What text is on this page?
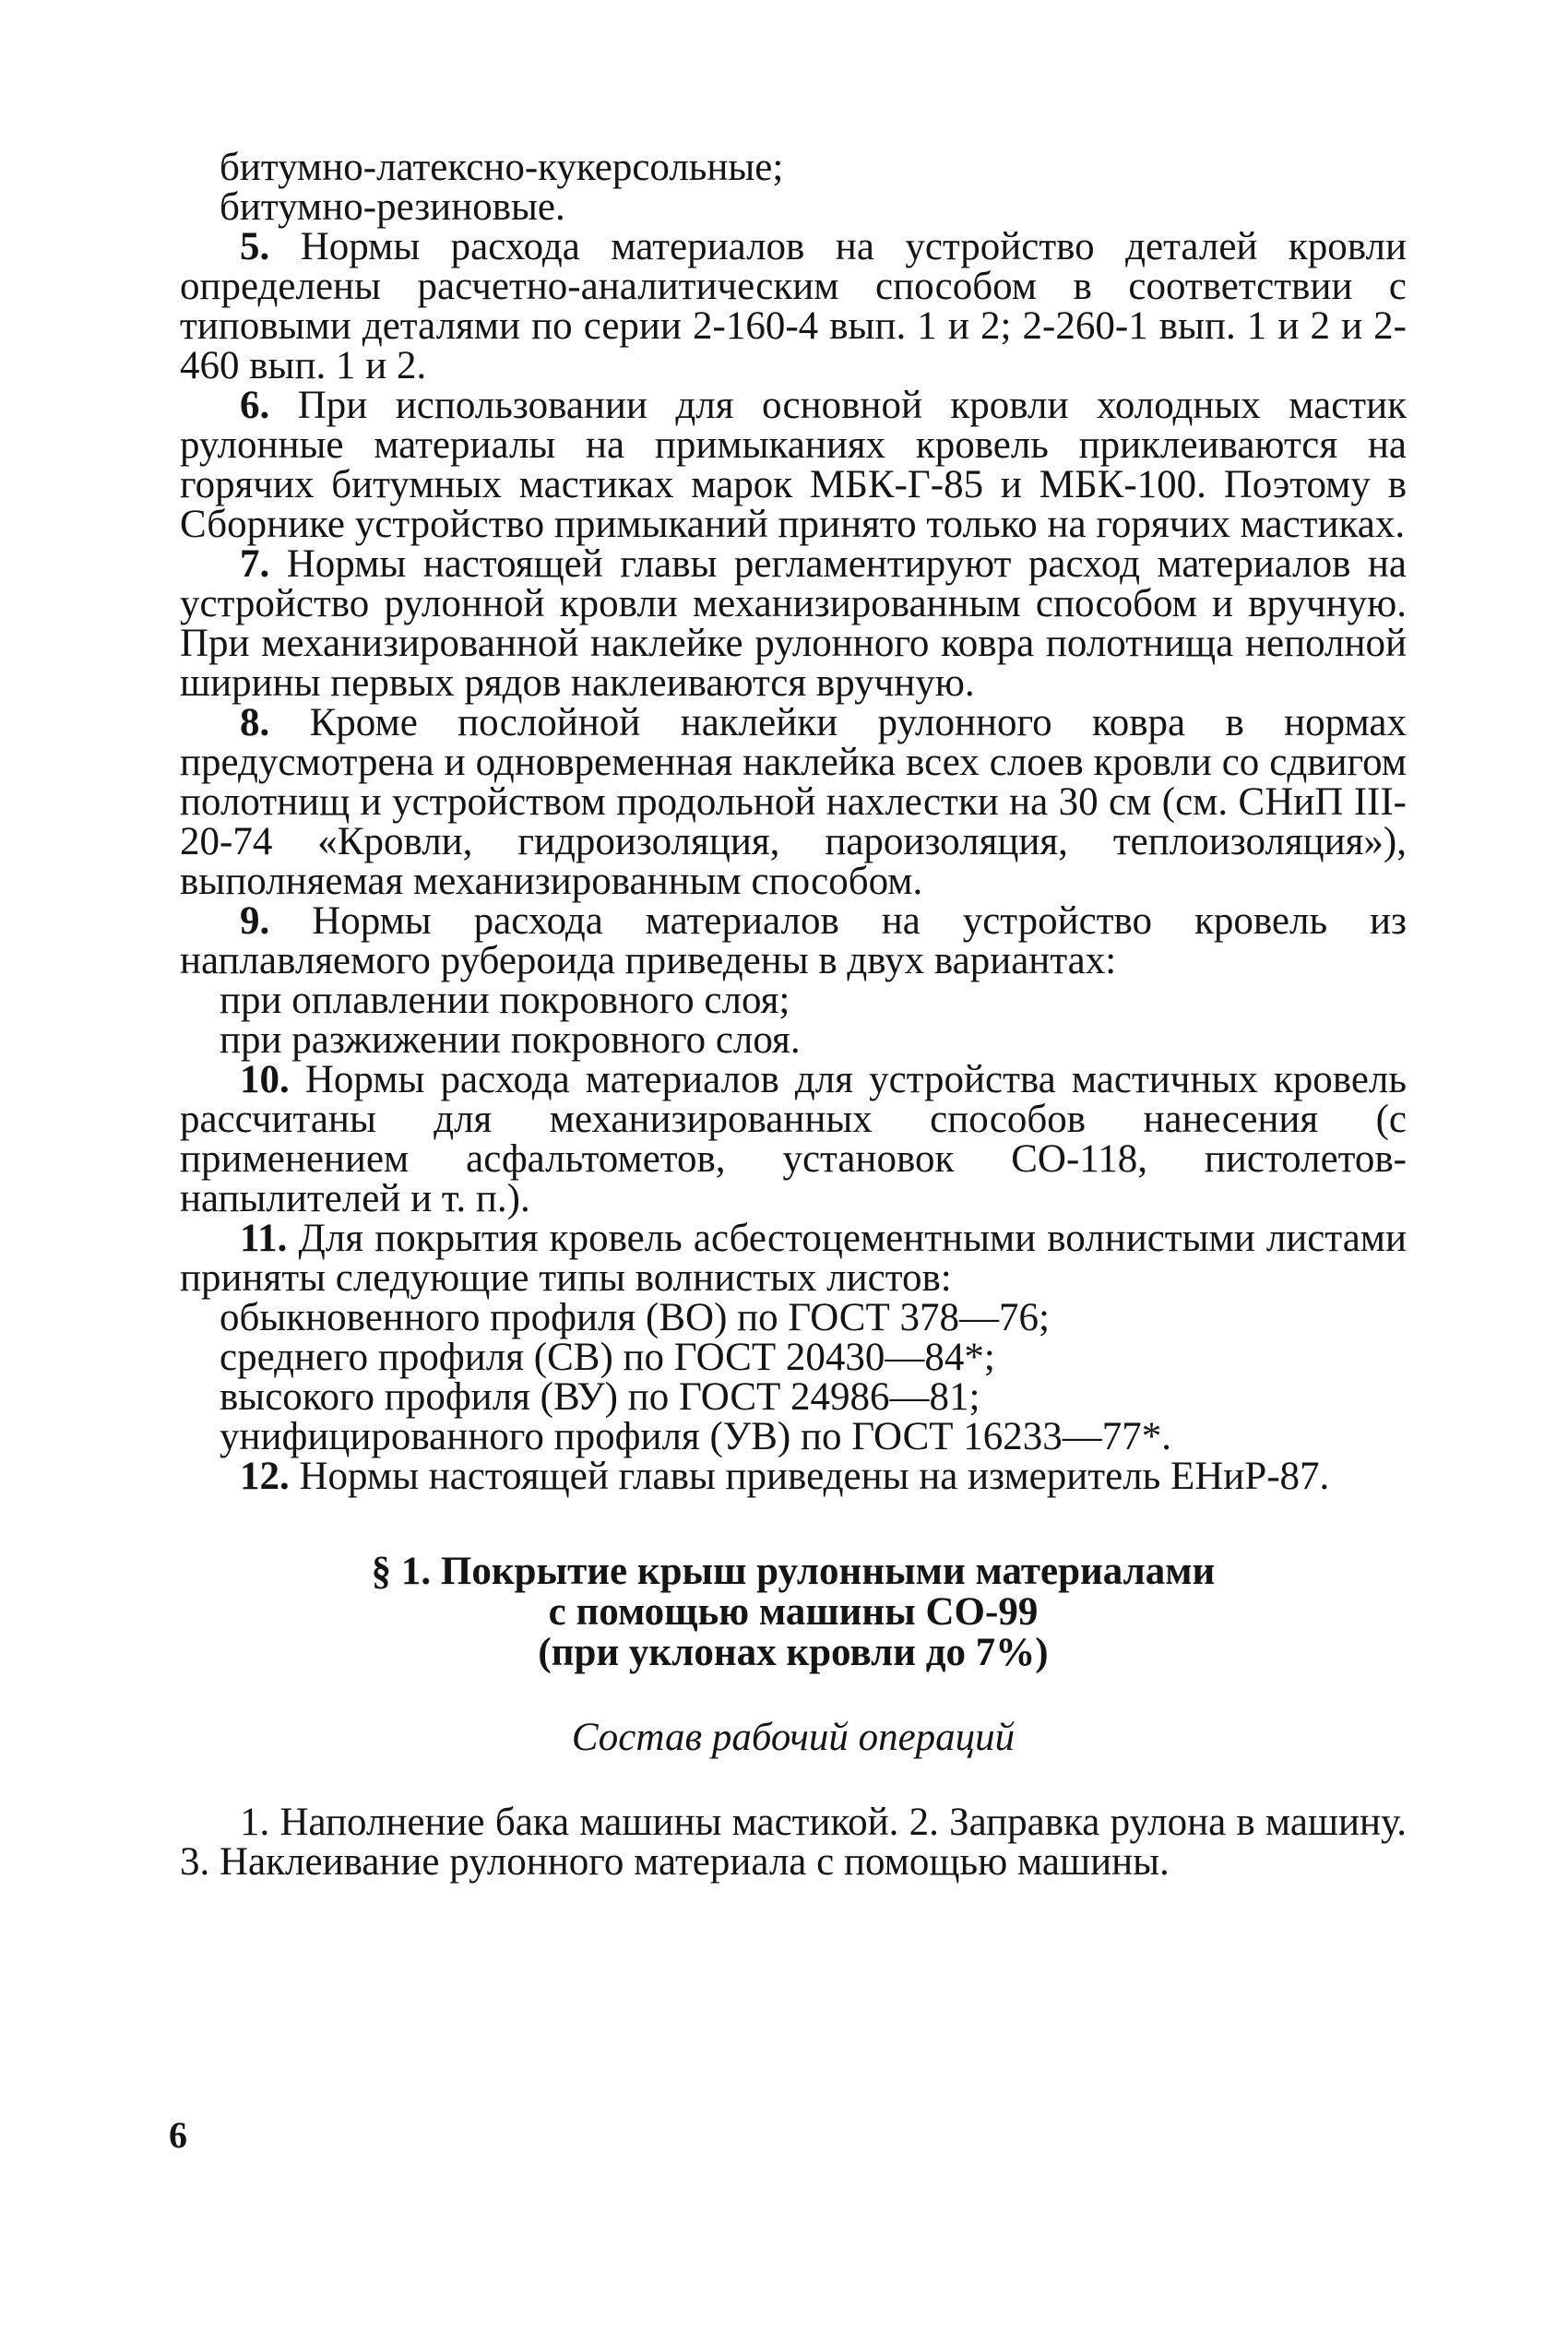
битумно-латексно-кукерсольные;

битумно-резиновые.

5. Нормы расхода материалов на устройство деталей кровли определены расчетно-аналитическим способом в соответствии с типовыми деталями по серии 2-160-4 вып. 1 и 2; 2-260-1 вып. 1 и 2 и 2-460 вып. 1 и 2.

6. При использовании для основной кровли холодных мастик рулонные материалы на примыканиях кровель приклеиваются на горячих битумных мастиках марок МБК-Г-85 и МБК-100. Поэтому в Сборнике устройство примыканий принято только на горячих мастиках.

7. Нормы настоящей главы регламентируют расход материалов на устройство рулонной кровли механизированным способом и вручную. При механизированной наклейке рулонного ковра полотнища неполной ширины первых рядов наклеиваются вручную.

8. Кроме послойной наклейки рулонного ковра в нормах предусмотрена и одновременная наклейка всех слоев кровли со сдвигом полотнищ и устройством продольной нахлестки на 30 см (см. СНиП III-20-74 «Кровли, гидроизоляция, пароизоляция, теплоизоляция»), выполняемая механизированным способом.

9. Нормы расхода материалов на устройство кровель из наплавляемого рубероида приведены в двух вариантах:

при оплавлении покровного слоя;

при разжижении покровного слоя.

10. Нормы расхода материалов для устройства мастичных кровель рассчитаны для механизированных способов нанесения (с применением асфальтометов, установок СО-118, пистолетов-напылителей и т. п.).

11. Для покрытия кровель асбестоцементными волнистыми листами приняты следующие типы волнистых листов:

обыкновенного профиля (ВО) по ГОСТ 378—76;

среднего профиля (СВ) по ГОСТ 20430—84*;

высокого профиля (ВУ) по ГОСТ 24986—81;

унифицированного профиля (УВ) по ГОСТ 16233—77*.

12. Нормы настоящей главы приведены на измеритель ЕНиР-87.

§ 1. Покрытие крыш рулонными материалами
с помощью машины СО-99
(при уклонах кровли до 7%)
Состав рабочий операций

1. Наполнение бака машины мастикой. 2. Заправка рулона в машину. 3. Наклеивание рулонного материала с помощью машины.

6
